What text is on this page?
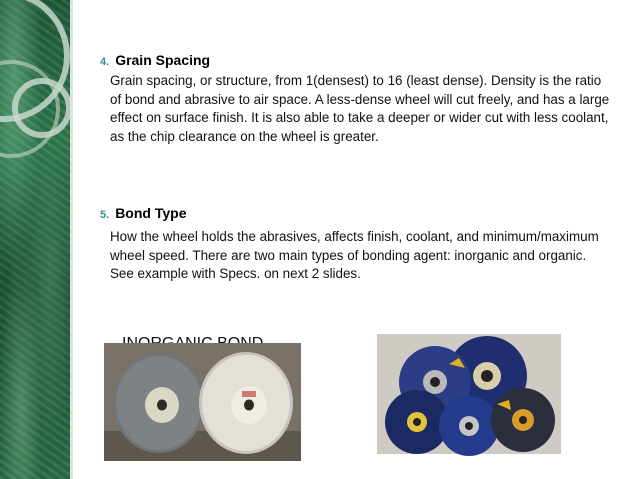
4. Grain Spacing
Grain spacing, or structure, from 1(densest) to 16 (least dense). Density is the ratio of bond and abrasive to air space. A less-dense wheel will cut freely, and has a large effect on surface finish. It is also able to take a deeper or wider cut with less coolant, as the chip clearance on the wheel is greater.
5. Bond Type
How the wheel holds the abrasives, affects finish, coolant, and minimum/maximum wheel speed. There are two main types of bonding agent: inorganic and organic. See example with Specs. on next 2 slides.
